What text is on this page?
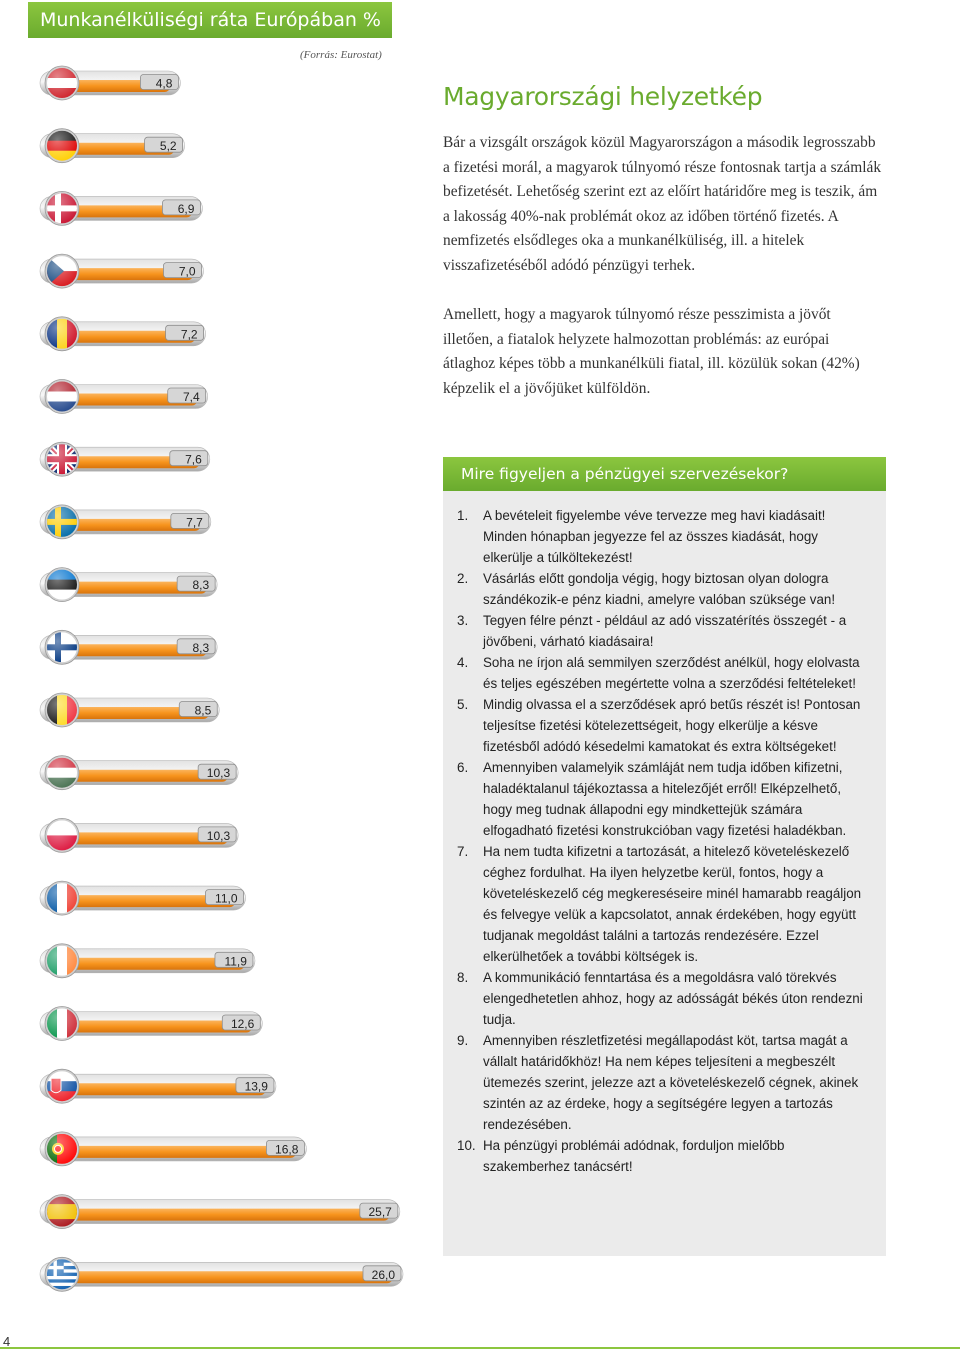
Munkanélküliségi ráta Európában %
(Forrás: Eurostat)
4,8
5,2
6,9
7,0
7,2
7,4
7,6
7,7
8,3
8,3
8,5
10,3
10,3
11,0
11,9
12,6
13,9
16,8
25,7
26,0
Magyarországi helyzetkép

Bár a vizsgált országok közül Magyarországon a második legrosszabb a fizetési morál, a magyarok túlnyomó része fontosnak tartja a számlák befizetését. Lehetőség szerint ezt az előírt határidőre meg is teszik, ám a lakosság 40%-nak problémát okoz az időben történő fizetés. A nemfizetés elsődleges oka a munkanélküliség, ill. a hitelek visszafizetéséből adódó pénzügyi terhek.

Amellett, hogy a magyarok túlnyomó része pesszimista a jövőt illetően, a fiatalok helyzete halmozottan problémás: az európai átlaghoz képes több a munkanélküli fiatal, ill. közülük sokan (42%) képzelik el a jövőjüket külföldön.

Mire figyeljen a pénzügyei szervezésekor?
1.	A bevételeit figyelembe véve tervezze meg havi kiadásait! Minden hónapban jegyezze fel az összes kiadását, hogy elkerülje a túlköltekezést!
2.	Vásárlás előtt gondolja végig, hogy biztosan olyan dologra szándékozik-e pénz kiadni, amelyre valóban szüksége van!
3.	Tegyen félre pénzt - például az adó visszatérítés összegét - a jövőbeni, várható kiadásaira!
4.	Soha ne írjon alá semmilyen szerződést anélkül, hogy elolvasta és teljes egészében megértette volna a szerződési feltételeket!
5.	Mindig olvassa el a szerződések apró betűs részét is! Pontosan teljesítse fizetési kötelezettségeit, hogy elkerülje a késve fizetésből adódó késedelmi kamatokat és extra költségeket!
6.	Amennyiben valamelyik számláját nem tudja időben kifizetni, haladéktalanul tájékoztassa a hitelezőjét erről! Elképzelhető, hogy meg tudnak állapodni egy mindkettejük számára elfogadható fizetési konstrukcióban vagy fizetési haladékban.
7.	Ha nem tudta kifizetni a tartozását, a hitelező követeléskezelő céghez fordulhat. Ha ilyen helyzetbe kerül, fontos, hogy a követeléskezelő cég megkereséseire minél hamarabb reagáljon és felvegye velük a kapcsolatot, annak érdekében, hogy együtt tudjanak megoldást találni a tartozás rendezésére. Ezzel elkerülhetőek a további költségek is.
8.	A kommunikáció fenntartása és a megoldásra való törekvés elengedhetetlen ahhoz, hogy az adósságát békés úton rendezni tudja.
9.	Amennyiben részletfizetési megállapodást köt, tartsa magát a vállalt határidőkhöz! Ha nem képes teljesíteni a megbeszélt ütemezés szerint, jelezze azt a követeléskezelő cégnek, akinek szintén az az érdeke, hogy a segítségére legyen a tartozás rendezésében.
10. Ha pénzügyi problémái adódnak, forduljon mielőbb szakemberhez tanácsért!
4
